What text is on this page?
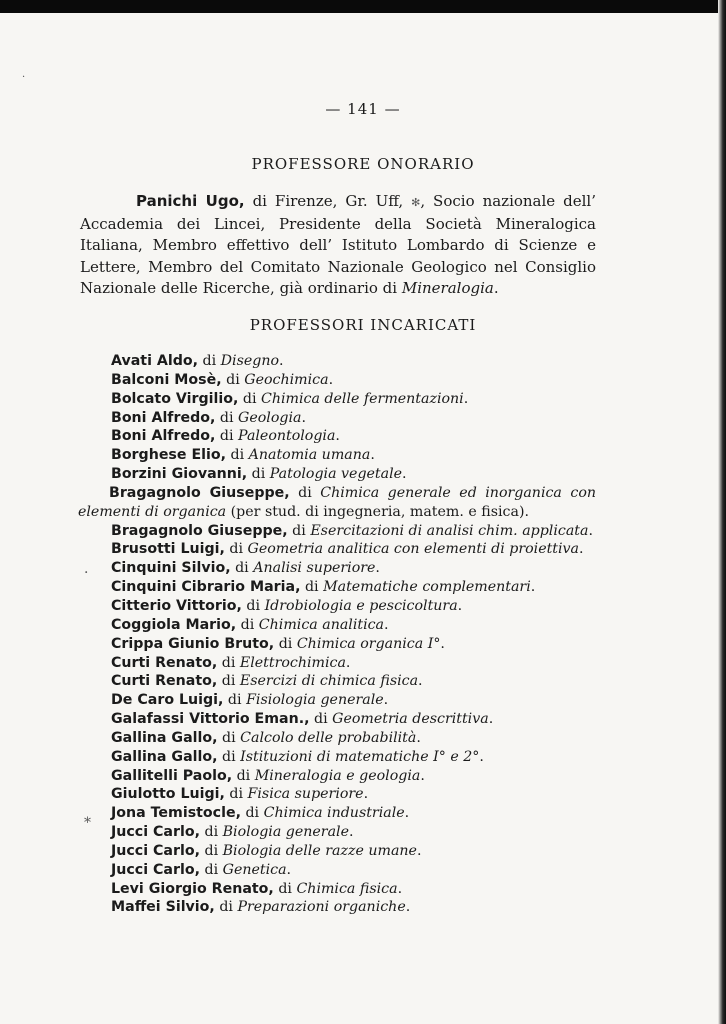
·
·
*
— 141 —
PROFESSORE ONORARIO
Panichi Ugo, di Firenze, Gr. Uff, ✻, Socio nazionale dell’ Accademia dei Lincei, Presidente della Società Mineralogica Italiana, Membro effettivo dell’ Istituto Lombardo di Scienze e Lettere, Membro del Comitato Nazionale Geologico nel Consiglio Nazionale delle Ricerche, già ordinario di Mineralogia.
PROFESSORI INCARICATI
Avati Aldo, di Disegno.
Balconi Mosè, di Geochimica.
Bolcato Virgilio, di Chimica delle fermentazioni.
Boni Alfredo, di Geologia.
Boni Alfredo, di Paleontologia.
Borghese Elio, di Anatomia umana.
Borzini Giovanni, di Patologia vegetale.
Bragagnolo Giuseppe, di Chimica generale ed inorganica con elementi di organica (per stud. di ingegneria, matem. e fisica).
Bragagnolo Giuseppe, di Esercitazioni di analisi chim. applicata.
Brusotti Luigi, di Geometria analitica con elementi di proiettiva.
Cinquini Silvio, di Analisi superiore.
Cinquini Cibrario Maria, di Matematiche complementari.
Citterio Vittorio, di Idrobiologia e pescicoltura.
Coggiola Mario, di Chimica analitica.
Crippa Giunio Bruto, di Chimica organica I°.
Curti Renato, di Elettrochimica.
Curti Renato, di Esercizi di chimica fisica.
De Caro Luigi, di Fisiologia generale.
Galafassi Vittorio Eman., di Geometria descrittiva.
Gallina Gallo, di Calcolo delle probabilità.
Gallina Gallo, di Istituzioni di matematiche I° e 2°.
Gallitelli Paolo, di Mineralogia e geologia.
Giulotto Luigi, di Fisica superiore.
Jona Temistocle, di Chimica industriale.
Jucci Carlo, di Biologia generale.
Jucci Carlo, di Biologia delle razze umane.
Jucci Carlo, di Genetica.
Levi Giorgio Renato, di Chimica fisica.
Maffei Silvio, di Preparazioni organiche.
